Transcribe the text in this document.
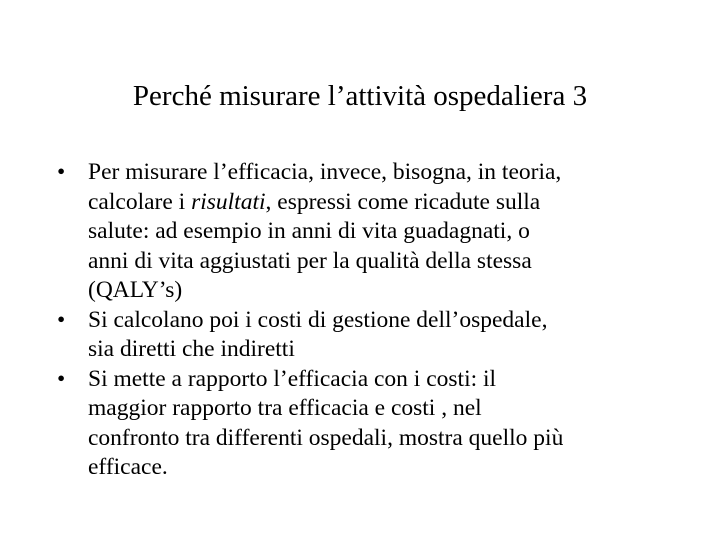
Perché misurare l’attività ospedaliera 3
• Per misurare l’efficacia, invece, bisogna, in teoria,
calcolare i risultati, espressi come ricadute sulla
salute: ad esempio in anni di vita guadagnati, o
anni di vita aggiustati per la qualità della stessa
(QALY’s)
• Si calcolano poi i costi di gestione dell’ospedale,
sia diretti che indiretti
• Si mette a rapporto l’efficacia con i costi: il
maggior rapporto tra efficacia e costi , nel
confronto tra differenti ospedali, mostra quello più
efficace.
